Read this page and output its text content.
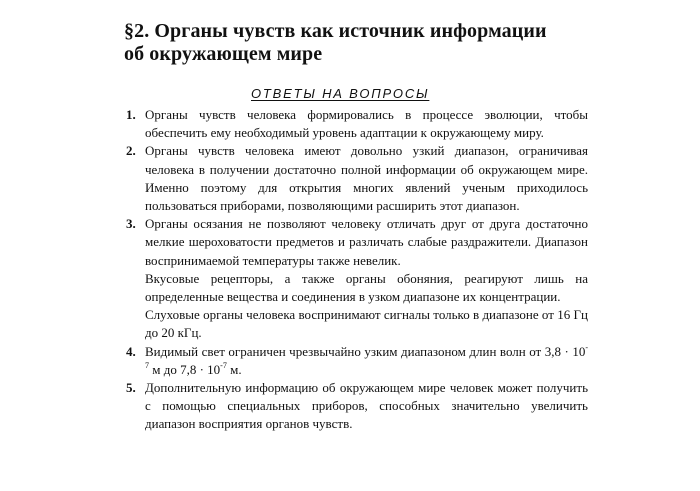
§2. Органы чувств как источник информации
об окружающем мире
ОТВЕТЫ НА ВОПРОСЫ
1. Органы чувств человека формировались в процессе эволюции, чтобы обеспечить ему необходимый уровень адаптации к окружающему миру.
2. Органы чувств человека имеют довольно узкий диапазон, ограничивая человека в получении достаточно полной информации об окружающем мире. Именно поэтому для открытия многих явлений ученым приходилось пользоваться приборами, позволяющими расширить этот диапазон.
3. Органы осязания не позволяют человеку отличать друг от друга достаточно мелкие шероховатости предметов и различать слабые раздражители. Диапазон воспринимаемой температуры также невелик.
Вкусовые рецепторы, а также органы обоняния, реагируют лишь на определенные вещества и соединения в узком диапазоне их концентрации.
Слуховые органы человека воспринимают сигналы только в диапазоне от 16 Гц до 20 кГц.
4. Видимый свет ограничен чрезвычайно узким диапазоном длин волн от $3,8 \cdot 10^{-7}$ м до $7,8 \cdot 10^{-7}$ м.
5. Дополнительную информацию об окружающем мире человек может получить с помощью специальных приборов, способных значительно увеличить диапазон восприятия органов чувств.
